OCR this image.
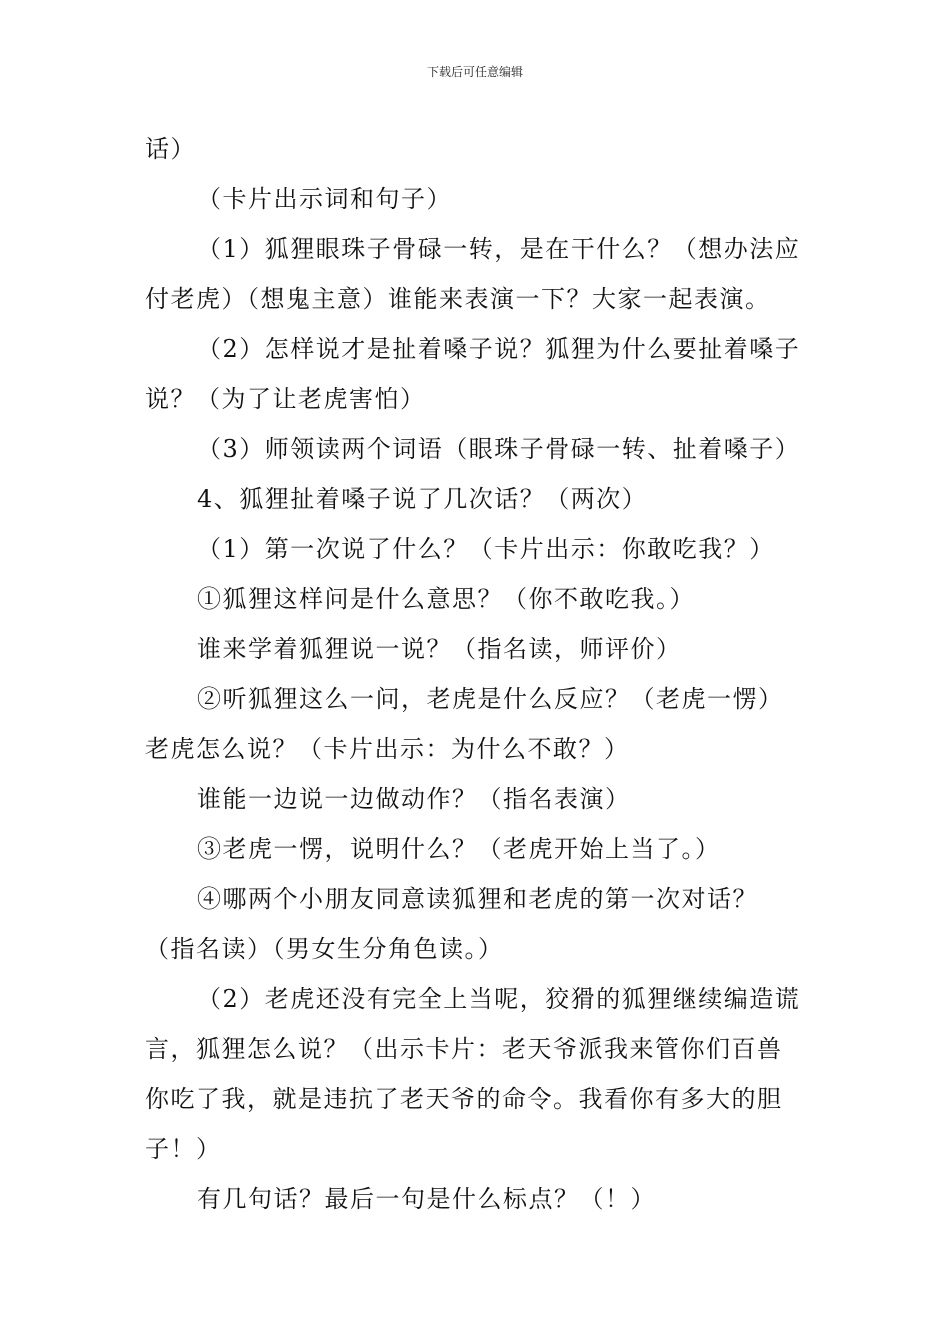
下载后可任意编辑
话）
（卡片出示词和句子）
（1）狐狸眼珠子骨碌一转，是在干什么？（想办法应
付老虎）（想鬼主意）谁能来表演一下？大家一起表演。
（2）怎样说才是扯着嗓子说？狐狸为什么要扯着嗓子
说？（为了让老虎害怕）
（3）师领读两个词语（眼珠子骨碌一转、扯着嗓子）
4、狐狸扯着嗓子说了几次话？（两次）
（1）第一次说了什么？（卡片出示：你敢吃我？）
①狐狸这样问是什么意思？（你不敢吃我。）
谁来学着狐狸说一说？（指名读，师评价）
②听狐狸这么一问，老虎是什么反应？（老虎一愣）
老虎怎么说？（卡片出示：为什么不敢？）
谁能一边说一边做动作？（指名表演）
③老虎一愣，说明什么？（老虎开始上当了。）
④哪两个小朋友同意读狐狸和老虎的第一次对话？
（指名读）（男女生分角色读。）
（2）老虎还没有完全上当呢，狡猾的狐狸继续编造谎
言，狐狸怎么说？（出示卡片：老天爷派我来管你们百兽
你吃了我，就是违抗了老天爷的命令。我看你有多大的胆
子！）
有几句话？最后一句是什么标点？（！）
